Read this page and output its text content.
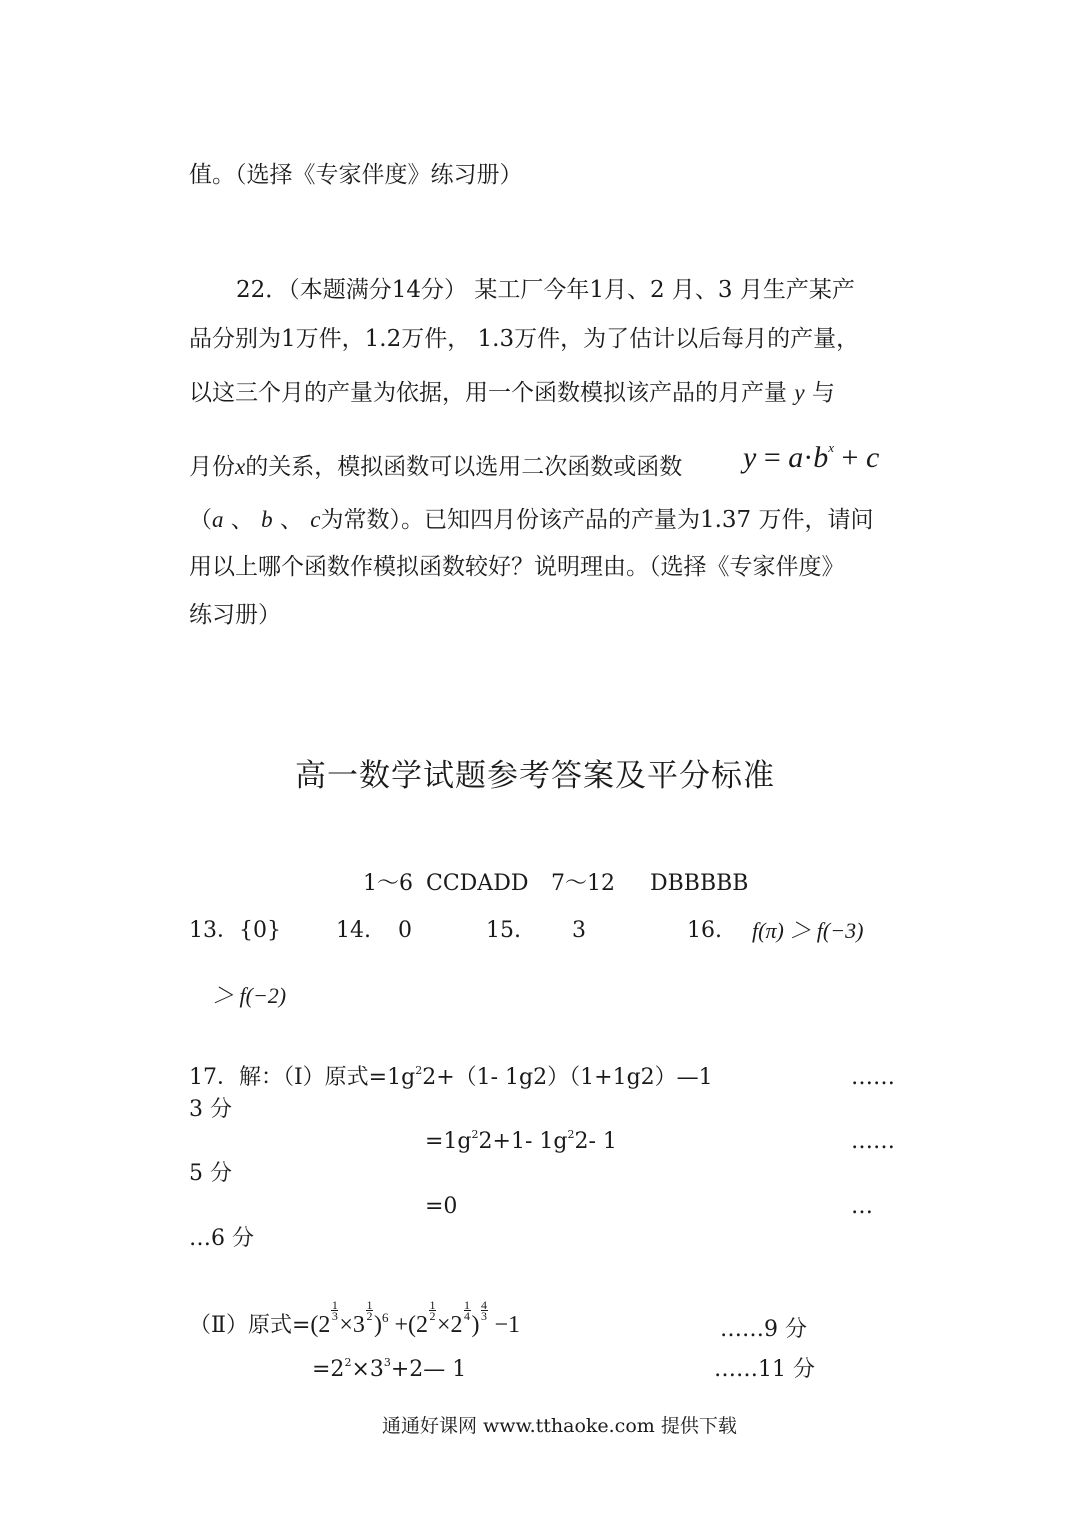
值。（选择《专家伴度》练习册）
22．（本题满分14分） 某工厂今年1月、2 月、3 月生产某产
品分别为1万件，1.2万件， 1.3万件，为了估计以后每月的产量，
以这三个月的产量为依据，用一个函数模拟该产品的月产量 y 与
月份x的关系，模拟函数可以选用二次函数或函数 $y = a\cdot b^x + c$
（a 、 b 、 c为常数）。已知四月份该产品的产量为1.37 万件，请问
用以上哪个函数作模拟函数较好？说明理由。（选择《专家伴度》
练习册）
高一数学试题参考答案及平分标准
1～6 CCDADD 7～12 DBBBBB
13．{0}	14. 0	15. 3	16. f(π) ＞ f(−3)
＞ f(−2)
17．解：（Ⅰ）原式$=1g^22+(1-$ 1g2）（1+1g2）—1	……
3 分
$=1g^22+1-$ $1g^22-$ 1	……
5 分
=0	…
…6 分
（Ⅱ）原式=(2
$\frac{1}{3}$
×3
$\frac{1}{2}$
)$^6$ +(2
$\frac{1}{2}$
×2
$\frac{1}{4}$
)
$\frac{4}{3}$
−1	……9 分
$=2^2\times 3^3+2—$ 1	……11 分
通通好课网 www.tthaoke.com 提供下载
